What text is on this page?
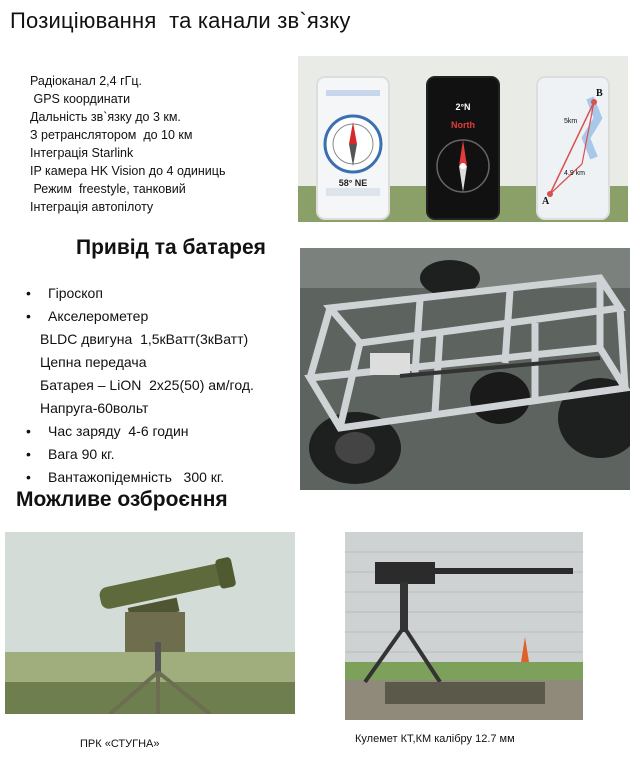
Позиціювання  та канали зв`язку
Радіоканал 2,4 гГц.
GPS координати
Дальність зв`язку до 3 км.
З ретранслятором  до 10 км
Інтеграція Starlink
IP камера HK Vision до 4 одиниць
Режим  freestyle, танковий
Інтеграція автопілоту
58° NE
2°N
North
B
A
5km
4.9 km
Привід та батарея
• Гіроскоп
• Акселерометер
BLDC двигуна  1,5кВатт(3кВатт)
Цепна передача
Батарея – LiON  2x25(50) ам/год.
Напруга-60вольт
• Час заряду  4-6 годин
• Вага 90 кг.
• Вантажопідемність   300 кг.
Можливе озброєння
ПРК «СТУГНА»	Кулемет КТ,КМ калібру 12.7 мм
